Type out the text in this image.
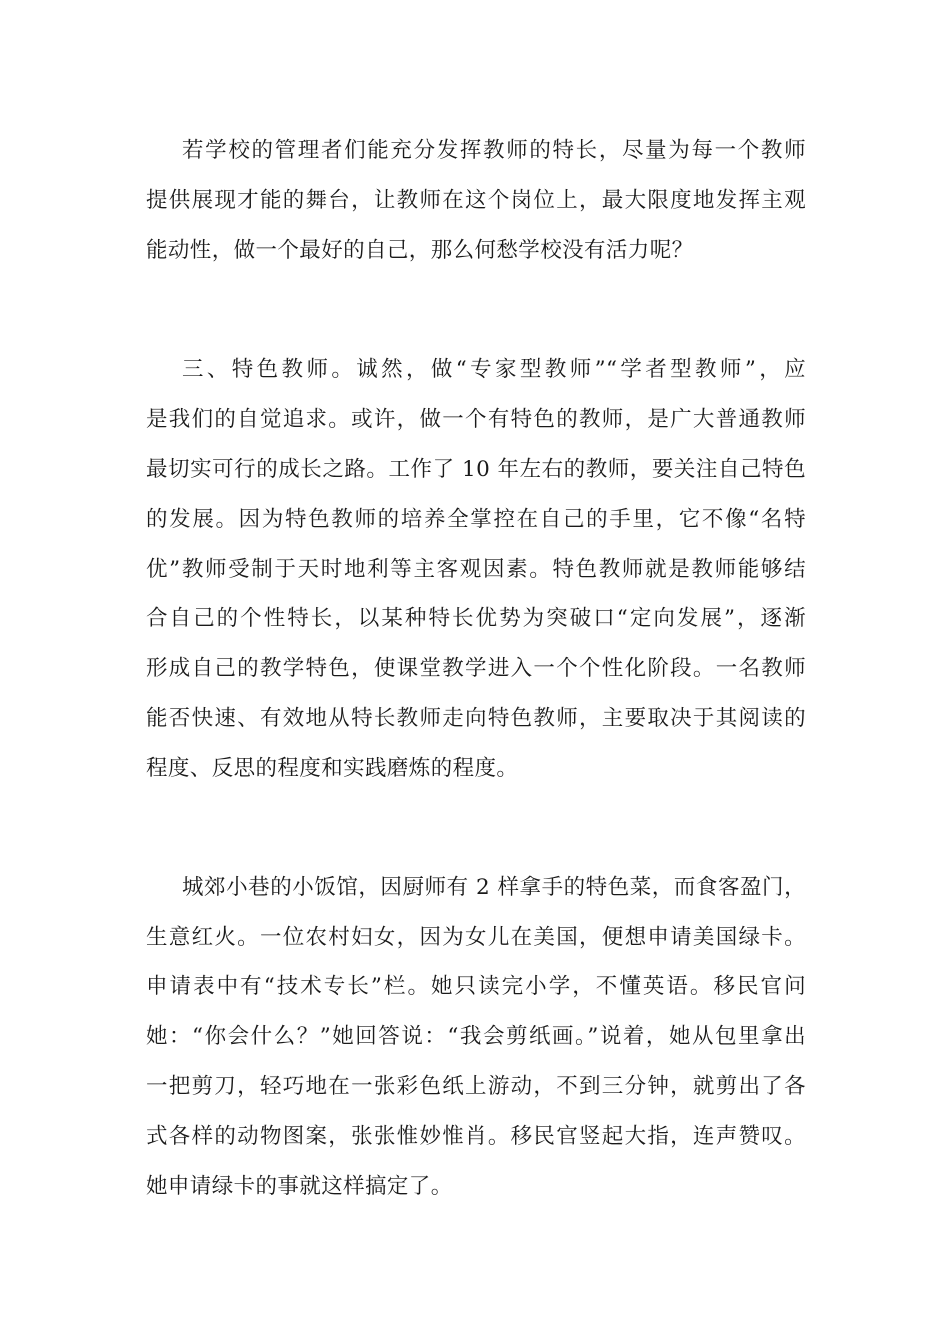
若学校的管理者们能充分发挥教师的特长，尽量为每一个教师
提供展现才能的舞台，让教师在这个岗位上，最大限度地发挥主观
能动性，做一个最好的自己，那么何愁学校没有活力呢？
三、特色教师。诚然，做“专家型教师”“学者型教师”，应
是我们的自觉追求。或许，做一个有特色的教师，是广大普通教师
最切实可行的成长之路。工作了 10 年左右的教师，要关注自己特色
的发展。因为特色教师的培养全掌控在自己的手里，它不像“名特
优”教师受制于天时地利等主客观因素。特色教师就是教师能够结
合自己的个性特长，以某种特长优势为突破口“定向发展”，逐渐
形成自己的教学特色，使课堂教学进入一个个性化阶段。一名教师
能否快速、有效地从特长教师走向特色教师，主要取决于其阅读的
程度、反思的程度和实践磨炼的程度。
城郊小巷的小饭馆，因厨师有 2 样拿手的特色菜，而食客盈门，
生意红火。一位农村妇女，因为女儿在美国，便想申请美国绿卡。
申请表中有“技术专长”栏。她只读完小学，不懂英语。移民官问
她：“你会什么？”她回答说：“我会剪纸画。”说着，她从包里拿出
一把剪刀，轻巧地在一张彩色纸上游动，不到三分钟，就剪出了各
式各样的动物图案，张张惟妙惟肖。移民官竖起大指，连声赞叹。
她申请绿卡的事就这样搞定了。
